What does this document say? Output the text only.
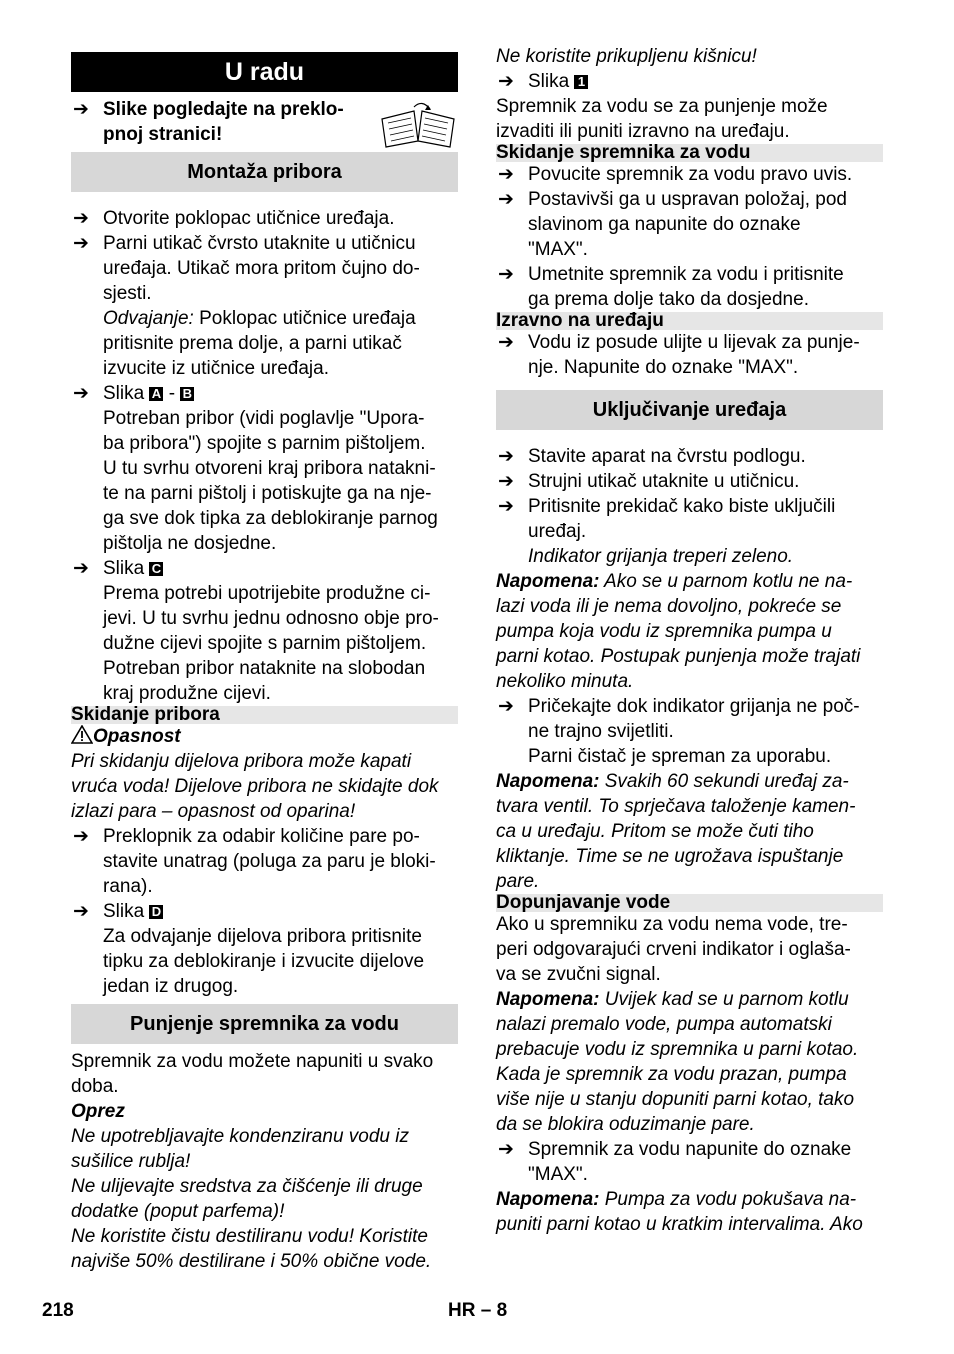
U radu
➔ Slike pogledajte na preklo-
pnoj stranici!
Montaža pribora
➔ Otvorite poklopac utičnice uređaja.
➔ Parni utikač čvrsto utaknite u utičnicu
uređaja. Utikač mora pritom čujno do-
sjesti.
Odvajanje: Poklopac utičnice uređaja
pritisnite prema dolje, a parni utikač
izvucite iz utičnice uređaja.
➔ Slika A - B
Potreban pribor (vidi poglavlje "Upora-
ba pribora") spojite s parnim pištoljem.
U tu svrhu otvoreni kraj pribora natakni-
te na parni pištolj i potiskujte ga na nje-
ga sve dok tipka za deblokiranje parnog
pištolja ne dosjedne.
➔ Slika C
Prema potrebi upotrijebite produžne ci-
jevi. U tu svrhu jednu odnosno obje pro-
dužne cijevi spojite s parnim pištoljem.
Potreban pribor nataknite na slobodan
kraj produžne cijevi.
Skidanje pribora
Opasnost
Pri skidanju dijelova pribora može kapati
vruća voda! Dijelove pribora ne skidajte dok
izlazi para – opasnost od oparina!
➔ Preklopnik za odabir količine pare po-
stavite unatrag (poluga za paru je bloki-
rana).
➔ Slika D
Za odvajanje dijelova pribora pritisnite
tipku za deblokiranje i izvucite dijelove
jedan iz drugog.
Punjenje spremnika za vodu
Spremnik za vodu možete napuniti u svako
doba.
Oprez
Ne upotrebljavajte kondenziranu vodu iz
sušilice rublja!
Ne ulijevajte sredstva za čišćenje ili druge
dodatke (poput parfema)!
Ne koristite čistu destiliranu vodu! Koristite
najviše 50% destilirane i 50% obične vode.
Ne koristite prikupljenu kišnicu!
➔ Slika 1
Spremnik za vodu se za punjenje može
izvaditi ili puniti izravno na uređaju.
Skidanje spremnika za vodu
➔ Povucite spremnik za vodu pravo uvis.
➔ Postavivši ga u uspravan položaj, pod
slavinom ga napunite do oznake
"MAX".
➔ Umetnite spremnik za vodu i pritisnite
ga prema dolje tako da dosjedne.
Izravno na uređaju
➔ Vodu iz posude ulijte u lijevak za punje-
nje. Napunite do oznake "MAX".
Uključivanje uređaja
➔ Stavite aparat na čvrstu podlogu.
➔ Strujni utikač utaknite u utičnicu.
➔ Pritisnite prekidač kako biste uključili
uređaj.
Indikator grijanja treperi zeleno.
Napomena: Ako se u parnom kotlu ne na-
lazi voda ili je nema dovoljno, pokreće se
pumpa koja vodu iz spremnika pumpa u
parni kotao. Postupak punjenja može trajati
nekoliko minuta.
➔ Pričekajte dok indikator grijanja ne poč-
ne trajno svijetliti.
Parni čistač je spreman za uporabu.
Napomena: Svakih 60 sekundi uređaj za-
tvara ventil. To sprječava taloženje kamen-
ca u uređaju. Pritom se može čuti tiho
kliktanje. Time se ne ugrožava ispuštanje
pare.
Dopunjavanje vode
Ako u spremniku za vodu nema vode, tre-
peri odgovarajući crveni indikator i oglaša-
va se zvučni signal.
Napomena: Uvijek kad se u parnom kotlu
nalazi premalo vode, pumpa automatski
prebacuje vodu iz spremnika u parni kotao.
Kada je spremnik za vodu prazan, pumpa
više nije u stanju dopuniti parni kotao, tako
da se blokira oduzimanje pare.
➔ Spremnik za vodu napunite do oznake
"MAX".
Napomena: Pumpa za vodu pokušava na-
puniti parni kotao u kratkim intervalima. Ako
218	HR – 8
